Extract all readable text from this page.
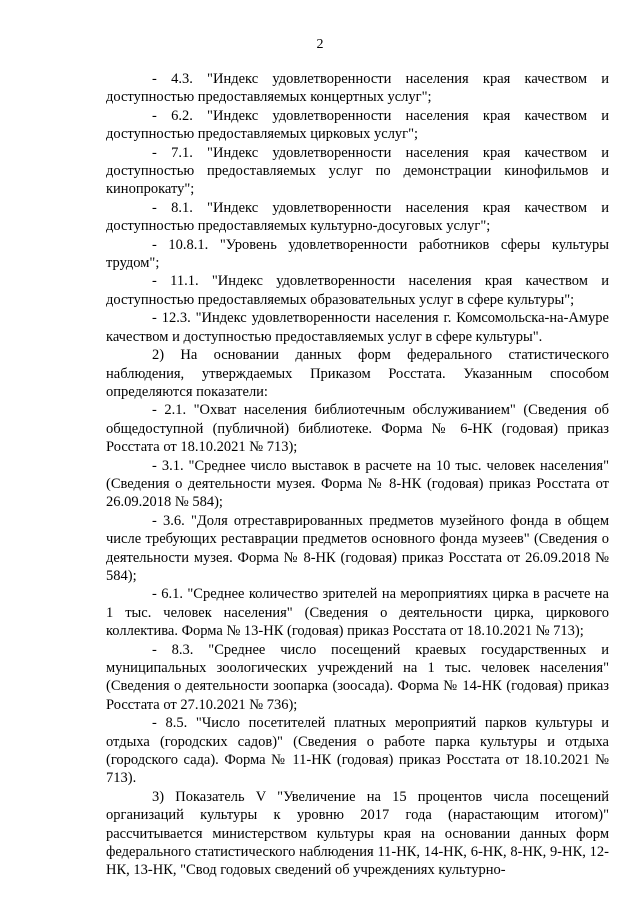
2

- 4.3. "Индекс удовлетворенности населения края качеством и доступностью предоставляемых концертных услуг";

- 6.2. "Индекс удовлетворенности населения края качеством и доступностью предоставляемых цирковых услуг";

- 7.1. "Индекс удовлетворенности населения края качеством и доступностью предоставляемых услуг по демонстрации кинофильмов и кинопрокату";

- 8.1. "Индекс удовлетворенности населения края качеством и доступностью предоставляемых культурно-досуговых услуг";

- 10.8.1. "Уровень удовлетворенности работников сферы культуры трудом";

- 11.1. "Индекс удовлетворенности населения края качеством и доступностью предоставляемых образовательных услуг в сфере культуры";

- 12.3. "Индекс удовлетворенности населения г. Комсомольска-на-Амуре качеством и доступностью предоставляемых услуг в сфере культуры".

2) На основании данных форм федерального статистического наблюдения, утверждаемых Приказом Росстата. Указанным способом определяются показатели:

- 2.1. "Охват населения библиотечным обслуживанием" (Сведения об общедоступной (публичной) библиотеке. Форма № 6-НК (годовая) приказ Росстата от 18.10.2021 № 713);

- 3.1. "Среднее число выставок в расчете на 10 тыс. человек населения" (Сведения о деятельности музея. Форма № 8-НК (годовая) приказ Росстата от 26.09.2018 № 584);

- 3.6. "Доля отреставрированных предметов музейного фонда в общем числе требующих реставрации предметов основного фонда музеев" (Сведения о деятельности музея. Форма № 8-НК (годовая) приказ Росстата от 26.09.2018 № 584);

- 6.1. "Среднее количество зрителей на мероприятиях цирка в расчете на 1 тыс. человек населения" (Сведения о деятельности цирка, циркового коллектива. Форма № 13-НК (годовая) приказ Росстата от 18.10.2021 № 713);

- 8.3. "Среднее число посещений краевых государственных и муниципальных зоологических учреждений на 1 тыс. человек населения" (Сведения о деятельности зоопарка (зоосада). Форма № 14-НК (годовая) приказ Росстата от 27.10.2021 № 736);

- 8.5. "Число посетителей платных мероприятий парков культуры и отдыха (городских садов)" (Сведения о работе парка культуры и отдыха (городского сада). Форма № 11-НК (годовая) приказ Росстата от 18.10.2021 № 713).

3) Показатель V "Увеличение на 15 процентов числа посещений организаций культуры к уровню 2017 года (нарастающим итогом)" рассчитывается министерством культуры края на основании данных форм федерального статистического наблюдения 11-НК, 14-НК, 6-НК, 8-НК, 9-НК, 12-НК, 13-НК, "Свод годовых сведений об учреждениях культурно-
